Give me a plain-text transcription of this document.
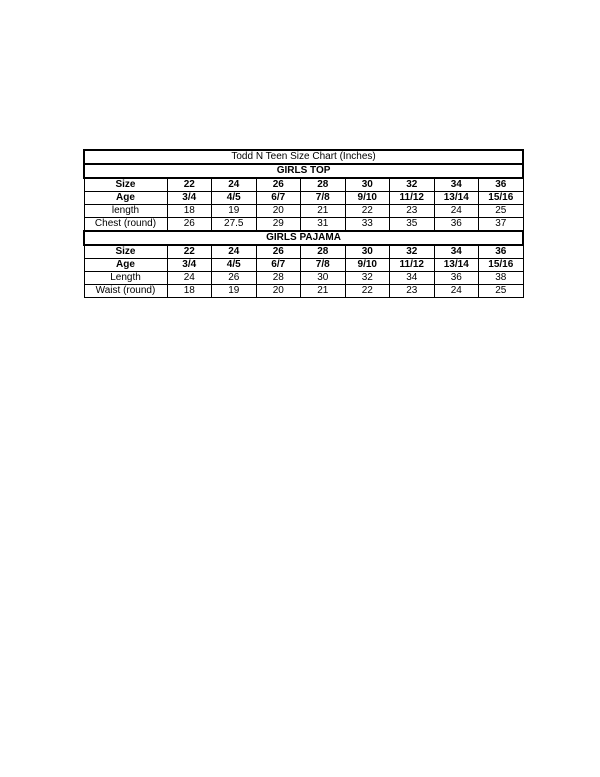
Todd N Teen Size Chart (Inches)								
GIRLS TOP								
Size	22	24	26	28	30	32	34	36
Age	3/4	4/5	6/7	7/8	9/10	11/12	13/14	15/16
length	18	19	20	21	22	23	24	25
Chest (round)	26	27.5	29	31	33	35	36	37
GIRLS PAJAMA								
Size	22	24	26	28	30	32	34	36
Age	3/4	4/5	6/7	7/8	9/10	11/12	13/14	15/16
Length	24	26	28	30	32	34	36	38
Waist (round)	18	19	20	21	22	23	24	25
